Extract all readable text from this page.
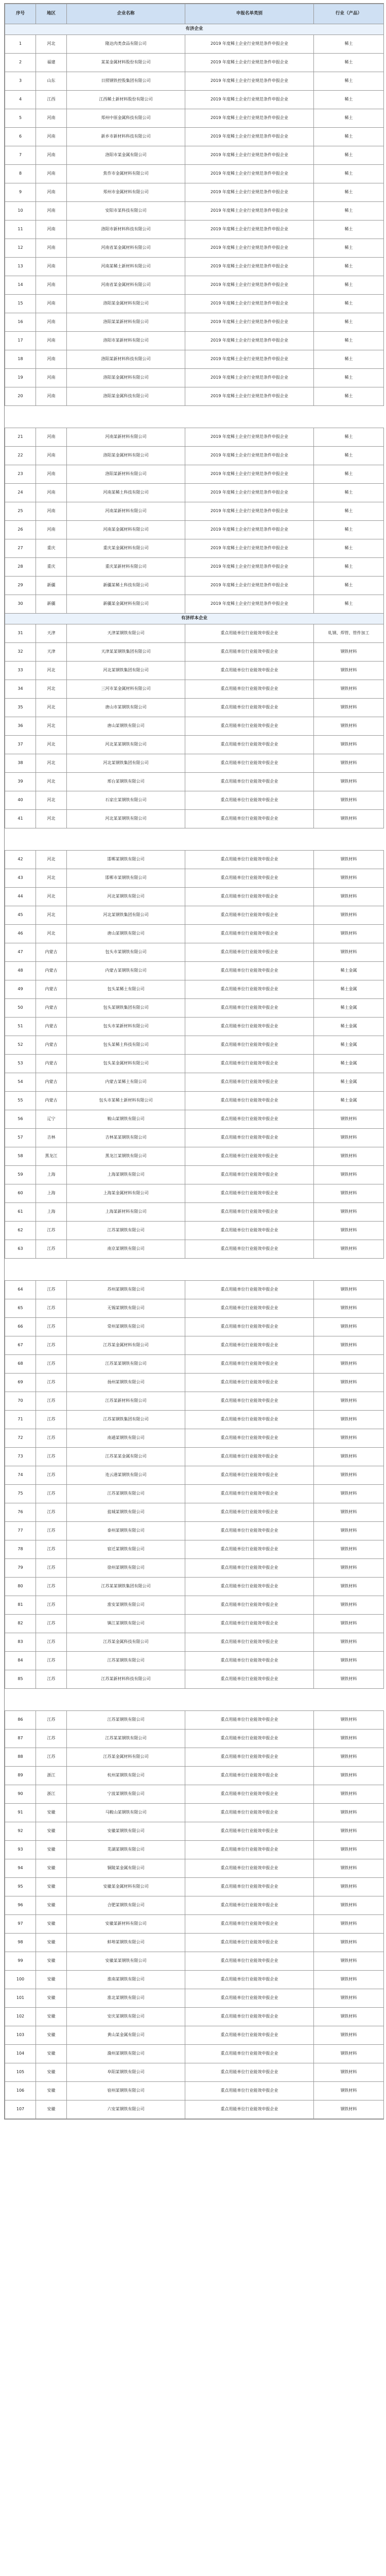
序号	地区	企业名称	申报名单类别	行业（产品）
有济企业				
1	河北	隆达肉类食品有限公司	2019 年度稀土企业行业规范条件申报企业	稀土
2	福建	某某金属材料股份有限公司	2019 年度稀土企业行业规范条件申报企业	稀土
3	山东	日照钢铁控股集团有限公司	2019 年度稀土企业行业规范条件申报企业	稀土
4	江西	江西稀土新材料股份有限公司	2019 年度稀土企业行业规范条件申报企业	稀土
5	河南	郑州中原金属科技有限公司	2019 年度稀土企业行业规范条件申报企业	稀土
6	河南	新乡市新材料科技有限公司	2019 年度稀土企业行业规范条件申报企业	稀土
7	河南	洛阳市某金属有限公司	2019 年度稀土企业行业规范条件申报企业	稀土
8	河南	焦作市金属材料有限公司	2019 年度稀土企业行业规范条件申报企业	稀土
9	河南	郑州市金属材料有限公司	2019 年度稀土企业行业规范条件申报企业	稀土
10	河南	安阳市某科技有限公司	2019 年度稀土企业行业规范条件申报企业	稀土
11	河南	洛阳市新材料科技有限公司	2019 年度稀土企业行业规范条件申报企业	稀土
12	河南	河南省某金属材料有限公司	2019 年度稀土企业行业规范条件申报企业	稀土
13	河南	河南某稀土新材料有限公司	2019 年度稀土企业行业规范条件申报企业	稀土
14	河南	河南省某金属材料有限公司	2019 年度稀土企业行业规范条件申报企业	稀土
15	河南	洛阳某金属材料有限公司	2019 年度稀土企业行业规范条件申报企业	稀土
16	河南	洛阳某某新材料有限公司	2019 年度稀土企业行业规范条件申报企业	稀土
17	河南	洛阳市某新材料有限公司	2019 年度稀土企业行业规范条件申报企业	稀土
18	河南	洛阳某新材料科技有限公司	2019 年度稀土企业行业规范条件申报企业	稀土
19	河南	洛阳某金属材料有限公司	2019 年度稀土企业行业规范条件申报企业	稀土
20	河南	洛阳某金属科技有限公司	2019 年度稀土企业行业规范条件申报企业	稀土

21	河南	河南某新材料有限公司	2019 年度稀土企业行业规范条件申报企业	稀土
22	河南	洛阳某金属材料有限公司	2019 年度稀土企业行业规范条件申报企业	稀土
23	河南	洛阳某新材料有限公司	2019 年度稀土企业行业规范条件申报企业	稀土
24	河南	河南某稀土科技有限公司	2019 年度稀土企业行业规范条件申报企业	稀土
25	河南	河南某新材料有限公司	2019 年度稀土企业行业规范条件申报企业	稀土
26	河南	河南某金属材料有限公司	2019 年度稀土企业行业规范条件申报企业	稀土
27	重庆	重庆某金属材料有限公司	2019 年度稀土企业行业规范条件申报企业	稀土
28	重庆	重庆某新材料有限公司	2019 年度稀土企业行业规范条件申报企业	稀土
29	新疆	新疆某稀土科技有限公司	2019 年度稀土企业行业规范条件申报企业	稀土
30	新疆	新疆某金属材料有限公司	2019 年度稀土企业行业规范条件申报企业	稀土
有济样本企业				
31	天津	天津某钢铁有限公司	重点用能单位行业能效申报企业	轧钢、焊管、管件加工
32	天津	天津某某钢铁集团有限公司	重点用能单位行业能效申报企业	钢铁材料
33	河北	河北某钢铁集团有限公司	重点用能单位行业能效申报企业	钢铁材料
34	河北	三河市某金属材料有限公司	重点用能单位行业能效申报企业	钢铁材料
35	河北	唐山市某钢铁有限公司	重点用能单位行业能效申报企业	钢铁材料
36	河北	唐山某钢铁有限公司	重点用能单位行业能效申报企业	钢铁材料
37	河北	河北某某钢铁有限公司	重点用能单位行业能效申报企业	钢铁材料
38	河北	河北某钢铁集团有限公司	重点用能单位行业能效申报企业	钢铁材料
39	河北	邢台某钢铁有限公司	重点用能单位行业能效申报企业	钢铁材料
40	河北	石家庄某钢铁有限公司	重点用能单位行业能效申报企业	钢铁材料
41	河北	河北某某钢铁有限公司	重点用能单位行业能效申报企业	钢铁材料

42	河北	邯郸某钢铁有限公司	重点用能单位行业能效申报企业	钢铁材料
43	河北	邯郸市某钢铁有限公司	重点用能单位行业能效申报企业	钢铁材料
44	河北	河北某钢铁有限公司	重点用能单位行业能效申报企业	钢铁材料
45	河北	河北某钢铁集团有限公司	重点用能单位行业能效申报企业	钢铁材料
46	河北	唐山某钢铁有限公司	重点用能单位行业能效申报企业	钢铁材料
47	内蒙古	包头市某钢铁有限公司	重点用能单位行业能效申报企业	钢铁材料
48	内蒙古	内蒙古某钢铁有限公司	重点用能单位行业能效申报企业	稀土金属
49	内蒙古	包头某稀土有限公司	重点用能单位行业能效申报企业	稀土金属
50	内蒙古	包头某钢铁集团有限公司	重点用能单位行业能效申报企业	稀土金属
51	内蒙古	包头市某新材料有限公司	重点用能单位行业能效申报企业	稀土金属
52	内蒙古	包头某稀土科技有限公司	重点用能单位行业能效申报企业	稀土金属
53	内蒙古	包头某金属材料有限公司	重点用能单位行业能效申报企业	稀土金属
54	内蒙古	内蒙古某稀土有限公司	重点用能单位行业能效申报企业	稀土金属
55	内蒙古	包头市某稀土新材料有限公司	重点用能单位行业能效申报企业	稀土金属
56	辽宁	鞍山某钢铁有限公司	重点用能单位行业能效申报企业	钢铁材料
57	吉林	吉林某某钢铁有限公司	重点用能单位行业能效申报企业	钢铁材料
58	黑龙江	黑龙江某钢铁有限公司	重点用能单位行业能效申报企业	钢铁材料
59	上海	上海某钢铁有限公司	重点用能单位行业能效申报企业	钢铁材料
60	上海	上海某金属材料有限公司	重点用能单位行业能效申报企业	钢铁材料
61	上海	上海某新材料有限公司	重点用能单位行业能效申报企业	钢铁材料
62	江苏	江苏某钢铁有限公司	重点用能单位行业能效申报企业	钢铁材料
63	江苏	南京某钢铁有限公司	重点用能单位行业能效申报企业	钢铁材料

64	江苏	苏州某钢铁有限公司	重点用能单位行业能效申报企业	钢铁材料
65	江苏	无锡某钢铁有限公司	重点用能单位行业能效申报企业	钢铁材料
66	江苏	常州某钢铁有限公司	重点用能单位行业能效申报企业	钢铁材料
67	江苏	江苏某金属材料有限公司	重点用能单位行业能效申报企业	钢铁材料
68	江苏	江苏某某钢铁有限公司	重点用能单位行业能效申报企业	钢铁材料
69	江苏	扬州某钢铁有限公司	重点用能单位行业能效申报企业	钢铁材料
70	江苏	江苏某新材料有限公司	重点用能单位行业能效申报企业	钢铁材料
71	江苏	江苏某钢铁集团有限公司	重点用能单位行业能效申报企业	钢铁材料
72	江苏	南通某钢铁有限公司	重点用能单位行业能效申报企业	钢铁材料
73	江苏	江苏某某金属有限公司	重点用能单位行业能效申报企业	钢铁材料
74	江苏	连云港某钢铁有限公司	重点用能单位行业能效申报企业	钢铁材料
75	江苏	江苏某钢铁有限公司	重点用能单位行业能效申报企业	钢铁材料
76	江苏	盐城某钢铁有限公司	重点用能单位行业能效申报企业	钢铁材料
77	江苏	泰州某钢铁有限公司	重点用能单位行业能效申报企业	钢铁材料
78	江苏	宿迁某钢铁有限公司	重点用能单位行业能效申报企业	钢铁材料
79	江苏	徐州某钢铁有限公司	重点用能单位行业能效申报企业	钢铁材料
80	江苏	江苏某某钢铁集团有限公司	重点用能单位行业能效申报企业	钢铁材料
81	江苏	淮安某钢铁有限公司	重点用能单位行业能效申报企业	钢铁材料
82	江苏	镇江某钢铁有限公司	重点用能单位行业能效申报企业	钢铁材料
83	江苏	江苏某金属科技有限公司	重点用能单位行业能效申报企业	钢铁材料
84	江苏	江苏某钢铁有限公司	重点用能单位行业能效申报企业	钢铁材料
85	江苏	江苏某新材料科技有限公司	重点用能单位行业能效申报企业	钢铁材料

86	江苏	江苏某钢铁有限公司	重点用能单位行业能效申报企业	钢铁材料
87	江苏	江苏某某钢铁有限公司	重点用能单位行业能效申报企业	钢铁材料
88	江苏	江苏某金属材料有限公司	重点用能单位行业能效申报企业	钢铁材料
89	浙江	杭州某钢铁有限公司	重点用能单位行业能效申报企业	钢铁材料
90	浙江	宁波某钢铁有限公司	重点用能单位行业能效申报企业	钢铁材料
91	安徽	马鞍山某钢铁有限公司	重点用能单位行业能效申报企业	钢铁材料
92	安徽	安徽某钢铁有限公司	重点用能单位行业能效申报企业	钢铁材料
93	安徽	芜湖某钢铁有限公司	重点用能单位行业能效申报企业	钢铁材料
94	安徽	铜陵某金属有限公司	重点用能单位行业能效申报企业	钢铁材料
95	安徽	安徽某金属材料有限公司	重点用能单位行业能效申报企业	钢铁材料
96	安徽	合肥某钢铁有限公司	重点用能单位行业能效申报企业	钢铁材料
97	安徽	安徽某新材料有限公司	重点用能单位行业能效申报企业	钢铁材料
98	安徽	蚌埠某钢铁有限公司	重点用能单位行业能效申报企业	钢铁材料
99	安徽	安徽某某钢铁有限公司	重点用能单位行业能效申报企业	钢铁材料
100	安徽	淮南某钢铁有限公司	重点用能单位行业能效申报企业	钢铁材料
101	安徽	淮北某钢铁有限公司	重点用能单位行业能效申报企业	钢铁材料
102	安徽	安庆某钢铁有限公司	重点用能单位行业能效申报企业	钢铁材料
103	安徽	黄山某金属有限公司	重点用能单位行业能效申报企业	钢铁材料
104	安徽	滁州某钢铁有限公司	重点用能单位行业能效申报企业	钢铁材料
105	安徽	阜阳某钢铁有限公司	重点用能单位行业能效申报企业	钢铁材料
106	安徽	宿州某钢铁有限公司	重点用能单位行业能效申报企业	钢铁材料
107	安徽	六安某钢铁有限公司	重点用能单位行业能效申报企业	钢铁材料
